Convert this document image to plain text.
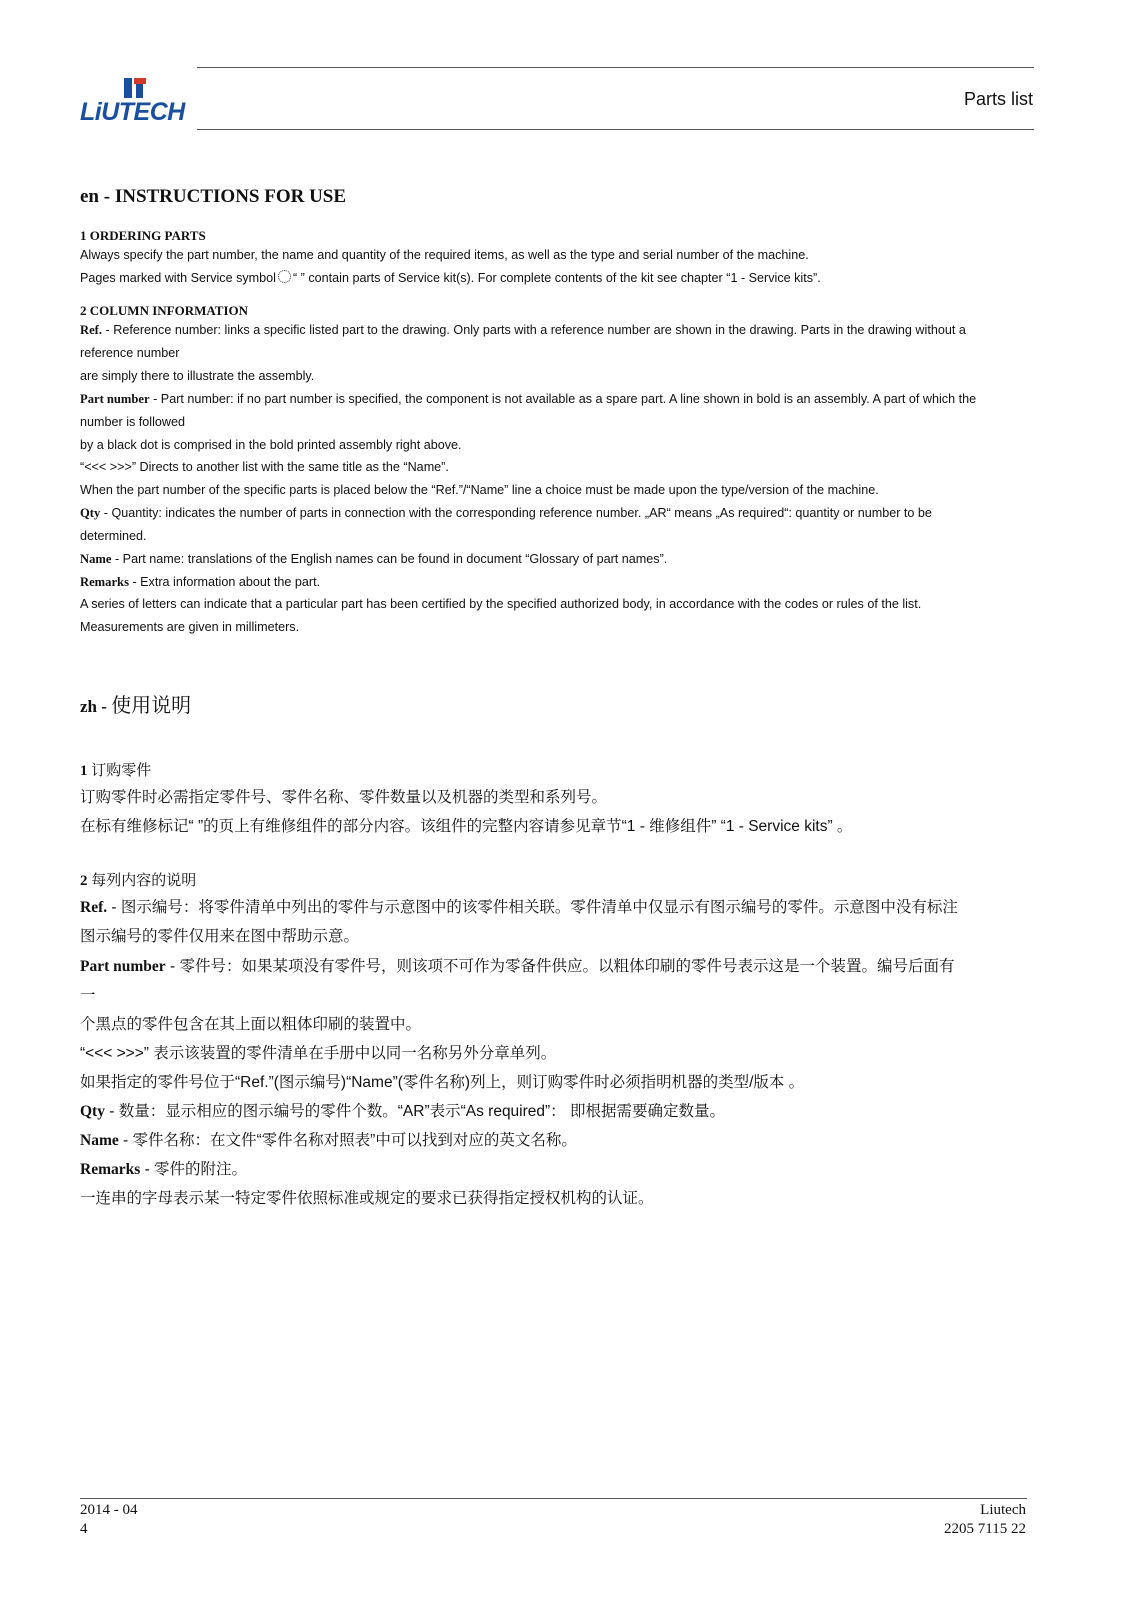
LiUTECH	Parts list
en - INSTRUCTIONS FOR USE
1 ORDERING PARTS
Always specify the part number, the name and quantity of the required items, as well as the type and serial number of the machine.
Pages marked with Service symbol “ ” contain parts of Service kit(s). For complete contents of the kit see chapter “1 - Service kits”.
2 COLUMN INFORMATION
Ref. - Reference number: links a specific listed part to the drawing. Only parts with a reference number are shown in the drawing. Parts in the drawing without a
reference number
are simply there to illustrate the assembly.
Part number - Part number: if no part number is specified, the component is not available as a spare part. A line shown in bold is an assembly. A part of which the
number is followed
by a black dot is comprised in the bold printed assembly right above.
“<<< >>>” Directs to another list with the same title as the “Name”.
When the part number of the specific parts is placed below the “Ref.”/“Name” line a choice must be made upon the type/version of the machine.
Qty - Quantity: indicates the number of parts in connection with the corresponding reference number. „AR“ means „As required“: quantity or number to be
determined.
Name - Part name: translations of the English names can be found in document “Glossary of part names”.
Remarks - Extra information about the part.
A series of letters can indicate that a particular part has been certified by the specified authorized body, in accordance with the codes or rules of the list.
Measurements are given in millimeters.
zh - 使用说明
1 订购零件
订购零件时必需指定零件号、零件名称、零件数量以及机器的类型和系列号。
在标有维修标记“ ”的页上有维修组件的部分内容。该组件的完整内容请参见章节“1 - 维修组件” “1 - Service kits” 。
2 每列内容的说明
Ref. - 图示编号：将零件清单中列出的零件与示意图中的该零件相关联。零件清单中仅显示有图示编号的零件。示意图中没有标注
图示编号的零件仅用来在图中帮助示意。
Part number - 零件号：如果某项没有零件号，则该项不可作为零备件供应。以粗体印刷的零件号表示这是一个装置。编号后面有
一
个黑点的零件包含在其上面以粗体印刷的装置中。
“<<< >>>” 表示该装置的零件清单在手册中以同一名称另外分章单列。
如果指定的零件号位于“Ref.”(图示编号)“Name”(零件名称)列上，则订购零件时必须指明机器的类型/版本 。
Qty - 数量：显示相应的图示编号的零件个数。“AR”表示“As required”： 即根据需要确定数量。
Name - 零件名称：在文件“零件名称对照表”中可以找到对应的英文名称。
Remarks - 零件的附注。
一连串的字母表示某一特定零件依照标准或规定的要求已获得指定授权机构的认证。
2014 - 04
4
Liutech
2205 7115 22
